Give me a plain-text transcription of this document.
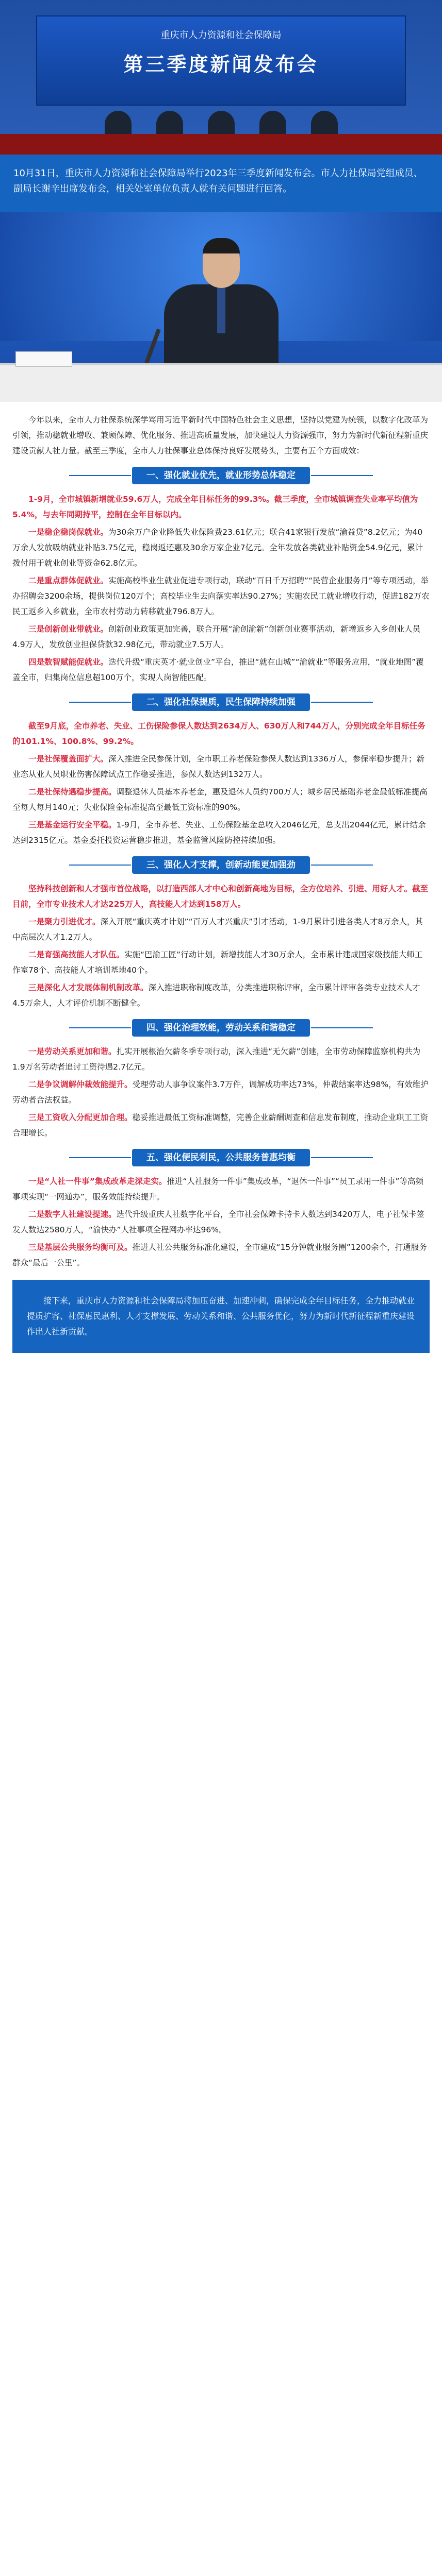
重庆市人力资源和社会保障局
第三季度新闻发布会
10月31日，重庆市人力资源和社会保障局举行2023年三季度新闻发布会。市人力社保局党组成员、副局长谢辛出席发布会，相关处室单位负责人就有关问题进行回答。

今年以来，全市人力社保系统深学笃用习近平新时代中国特色社会主义思想，坚持以党建为统领，以数字化改革为引领，推动稳就业增收、兼顾保障、优化服务、推进高质量发展，加快建设人力资源强市，努力为新时代新征程新重庆建设贡献人社力量。截至三季度，全市人力社保事业总体保持良好发展势头，主要有五个方面成效：

一、强化就业优先，就业形势总体稳定

1-9月，全市城镇新增就业59.6万人，完成全年目标任务的99.3%。截三季度，全市城镇调查失业率平均值为5.4%，与去年同期持平，控制在全年目标以内。

一是稳企稳岗保就业。为30余万户企业降低失业保险费23.61亿元；联合41家银行发放“渝益贷”8.2亿元；为40万余人发放吸纳就业补贴3.75亿元，稳岗返还惠及30余万家企业7亿元。全年发放各类就业补贴资金54.9亿元，累计拨付用于就业创业等资金62.8亿元。

二是重点群体促就业。实施高校毕业生就业促进专项行动，联动“百日千万招聘”“民营企业服务月”等专项活动，举办招聘会3200余场，提供岗位120万个；高校毕业生去向落实率达90.27%；实施农民工就业增收行动，促进182万农民工返乡入乡就业，全市农村劳动力转移就业796.8万人。

三是创新创业带就业。创新创业政策更加完善，联合开展“渝创渝新”创新创业赛事活动，新增返乡入乡创业人员4.9万人，发放创业担保贷款32.98亿元，带动就业7.5万人。

四是数智赋能促就业。迭代升级“重庆英才·就业创业”平台，推出“就在山城”“渝就业”等服务应用，“就业地图”覆盖全市，归集岗位信息超100万个，实现人岗智能匹配。

二、强化社保提质，民生保障持续加强

截至9月底，全市养老、失业、工伤保险参保人数达到2634万人、630万人和744万人，分别完成全年目标任务的101.1%、100.8%、99.2%。

一是社保覆盖面扩大。深入推进全民参保计划，全市职工养老保险参保人数达到1336万人，参保率稳步提升；新业态从业人员职业伤害保障试点工作稳妥推进，参保人数达到132万人。

二是社保待遇稳步提高。调整退休人员基本养老金，惠及退休人员约700万人；城乡居民基础养老金最低标准提高至每人每月140元；失业保险金标准提高至最低工资标准的90%。

三是基金运行安全平稳。1-9月，全市养老、失业、工伤保险基金总收入2046亿元，总支出2044亿元，累计结余达到2315亿元。基金委托投资运营稳步推进，基金监管风险防控持续加强。

三、强化人才支撑，创新动能更加强劲

坚持科技创新和人才强市首位战略，以打造西部人才中心和创新高地为目标，全方位培养、引进、用好人才。截至目前，全市专业技术人才达225万人，高技能人才达到158万人。

一是聚力引进优才。深入开展“重庆英才计划”“百万人才兴重庆”引才活动，1-9月累计引进各类人才8万余人，其中高层次人才1.2万人。

二是育强高技能人才队伍。实施“巴渝工匠”行动计划，新增技能人才30万余人，全市累计建成国家级技能大师工作室78个、高技能人才培训基地40个。

三是深化人才发展体制机制改革。深入推进职称制度改革，分类推进职称评审，全市累计评审各类专业技术人才4.5万余人，人才评价机制不断健全。

四、强化治理效能，劳动关系和谐稳定

一是劳动关系更加和谐。扎实开展根治欠薪冬季专项行动，深入推进“无欠薪”创建，全市劳动保障监察机构共为1.9万名劳动者追讨工资待遇2.7亿元。

二是争议调解仲裁效能提升。受理劳动人事争议案件3.7万件，调解成功率达73%，仲裁结案率达98%，有效维护劳动者合法权益。

三是工资收入分配更加合理。稳妥推进最低工资标准调整，完善企业薪酬调查和信息发布制度，推动企业职工工资合理增长。

五、强化便民利民，公共服务普惠均衡

一是“人社一件事”集成改革走深走实。推进“人社服务一件事”集成改革，“退休一件事”“员工录用一件事”等高频事项实现“一网通办”，服务效能持续提升。

二是数字人社建设提速。迭代升级重庆人社数字化平台，全市社会保障卡持卡人数达到3420万人，电子社保卡签发人数达2580万人，“渝快办”人社事项全程网办率达96%。

三是基层公共服务均衡可及。推进人社公共服务标准化建设，全市建成“15分钟就业服务圈”1200余个，打通服务群众“最后一公里”。

接下来，重庆市人力资源和社会保障局将加压奋进、加速冲刺，确保完成全年目标任务，全力推动就业提质扩容、社保惠民惠利、人才支撑发展、劳动关系和谐、公共服务优化，努力为新时代新征程新重庆建设作出人社新贡献。
